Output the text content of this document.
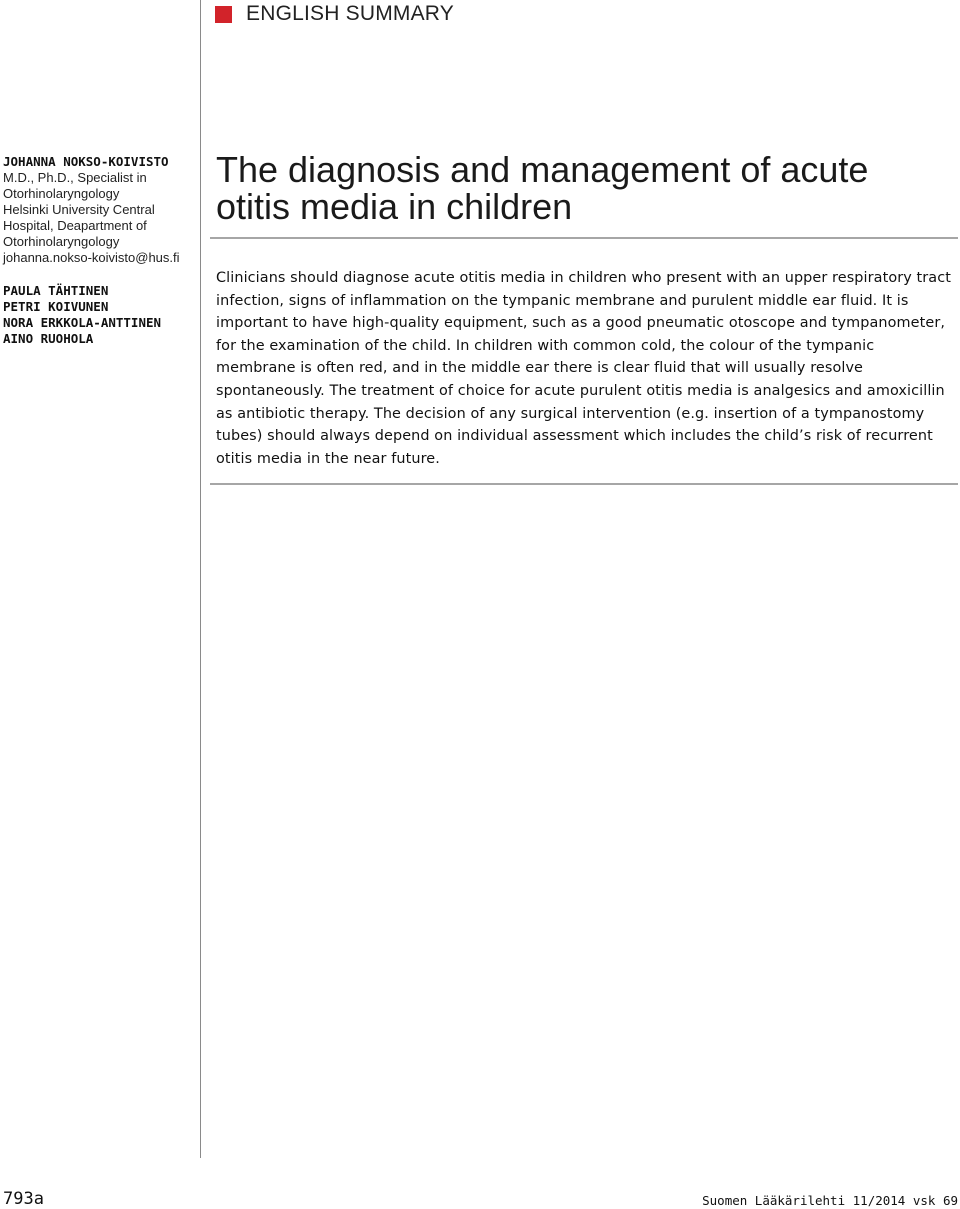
ENGLISH SUMMARY
JOHANNA NOKSO-KOIVISTO
M.D., Ph.D., Specialist in
Otorhinolaryngology
Helsinki University Central
Hospital, Deapartment of
Otorhinolaryngology
johanna.nokso-koivisto@hus.fi
PAULA TÄHTINEN
PETRI KOIVUNEN
NORA ERKKOLA-ANTTINEN
AINO RUOHOLA
The diagnosis and management of acute otitis media in children

Clinicians should diagnose acute otitis media in children who present with an upper respiratory tract infection, signs of inflammation on the tympanic membrane and purulent middle ear fluid. It is important to have high-quality equipment, such as a good pneumatic otoscope and tympanometer, for the examination of the child. In children with common cold, the colour of the tympanic membrane is often red, and in the middle ear there is clear fluid that will usually resolve spontaneously. The treatment of choice for acute purulent otitis media is analgesics and amoxicillin as antibiotic therapy. The decision of any surgical intervention (e.g. insertion of a tympanostomy tubes) should always depend on individual assessment which includes the child’s risk of recurrent otitis media in the near future.

793a	Suomen Lääkärilehti 11/2014 vsk 69
